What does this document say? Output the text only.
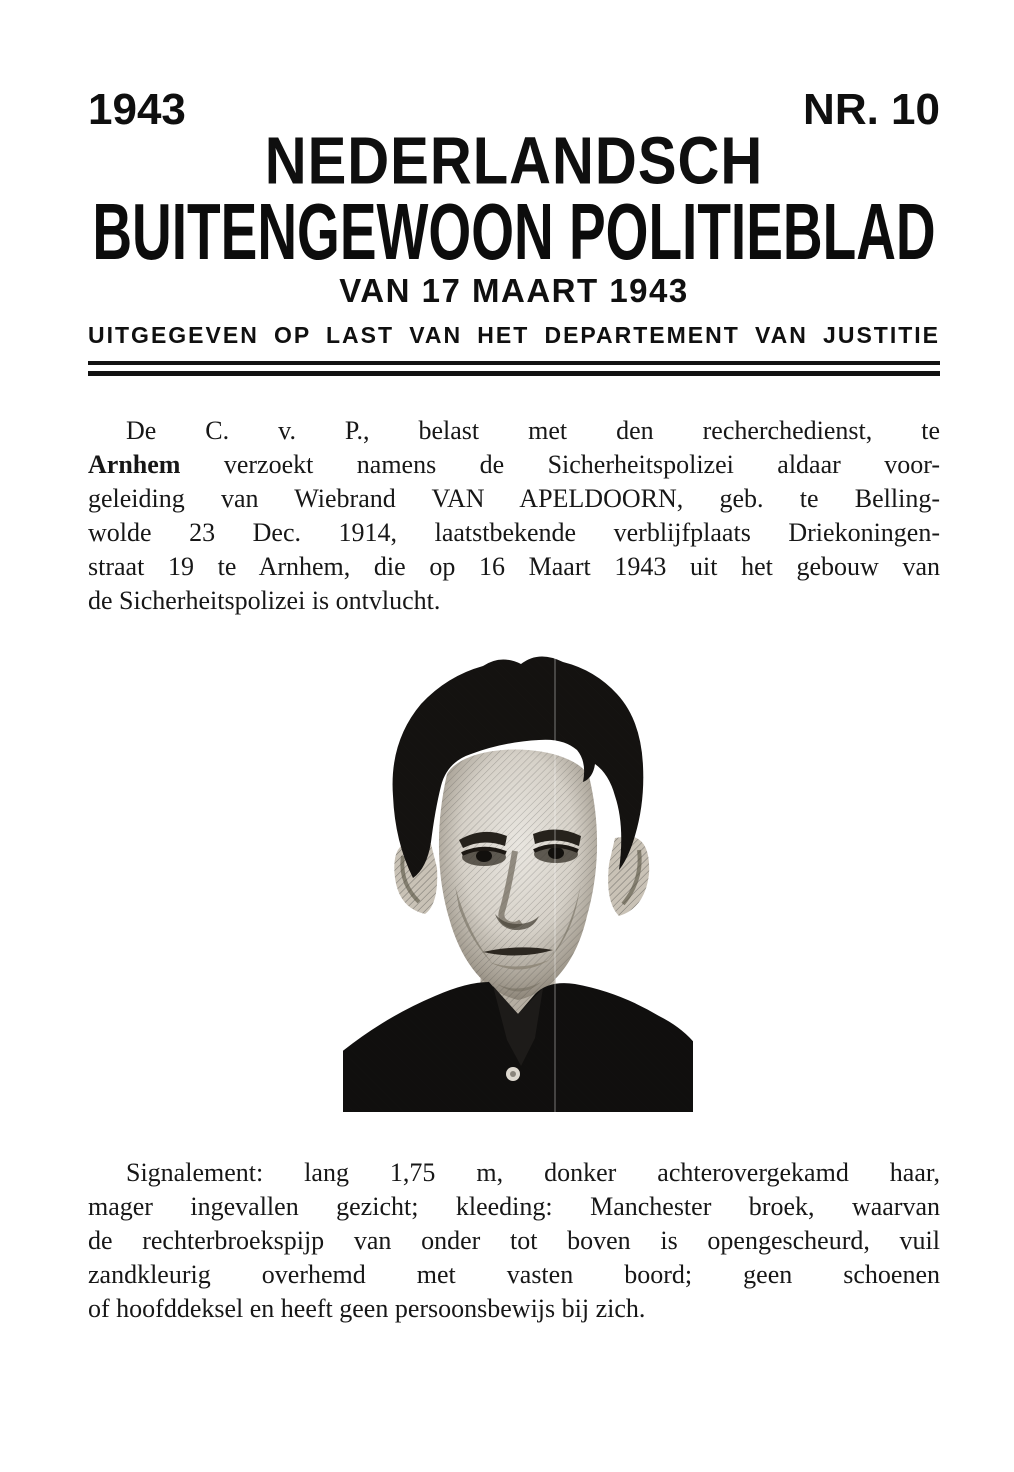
1943	NR. 10
NEDERLANDSCH
BUITENGEWOON POLITIEBLAD
VAN 17 MAART 1943
UITGEGEVEN OP LAST VAN HET DEPARTEMENT VAN JUSTITIE
De C. v. P., belast met den recherchedienst, te
Arnhem verzoekt namens de Sicherheitspolizei aldaar voor-
geleiding van Wiebrand VAN APELDOORN, geb. te Belling-
wolde 23 Dec. 1914, laatstbekende verblijfplaats Driekoningen-
straat 19 te Arnhem, die op 16 Maart 1943 uit het gebouw van
de Sicherheitspolizei is ontvlucht.
Signalement: lang 1,75 m, donker achterovergekamd haar,
mager ingevallen gezicht; kleeding: Manchester broek, waarvan
de rechterbroekspijp van onder tot boven is opengescheurd, vuil
zandkleurig overhemd met vasten boord; geen schoenen
of hoofddeksel en heeft geen persoonsbewijs bij zich.
